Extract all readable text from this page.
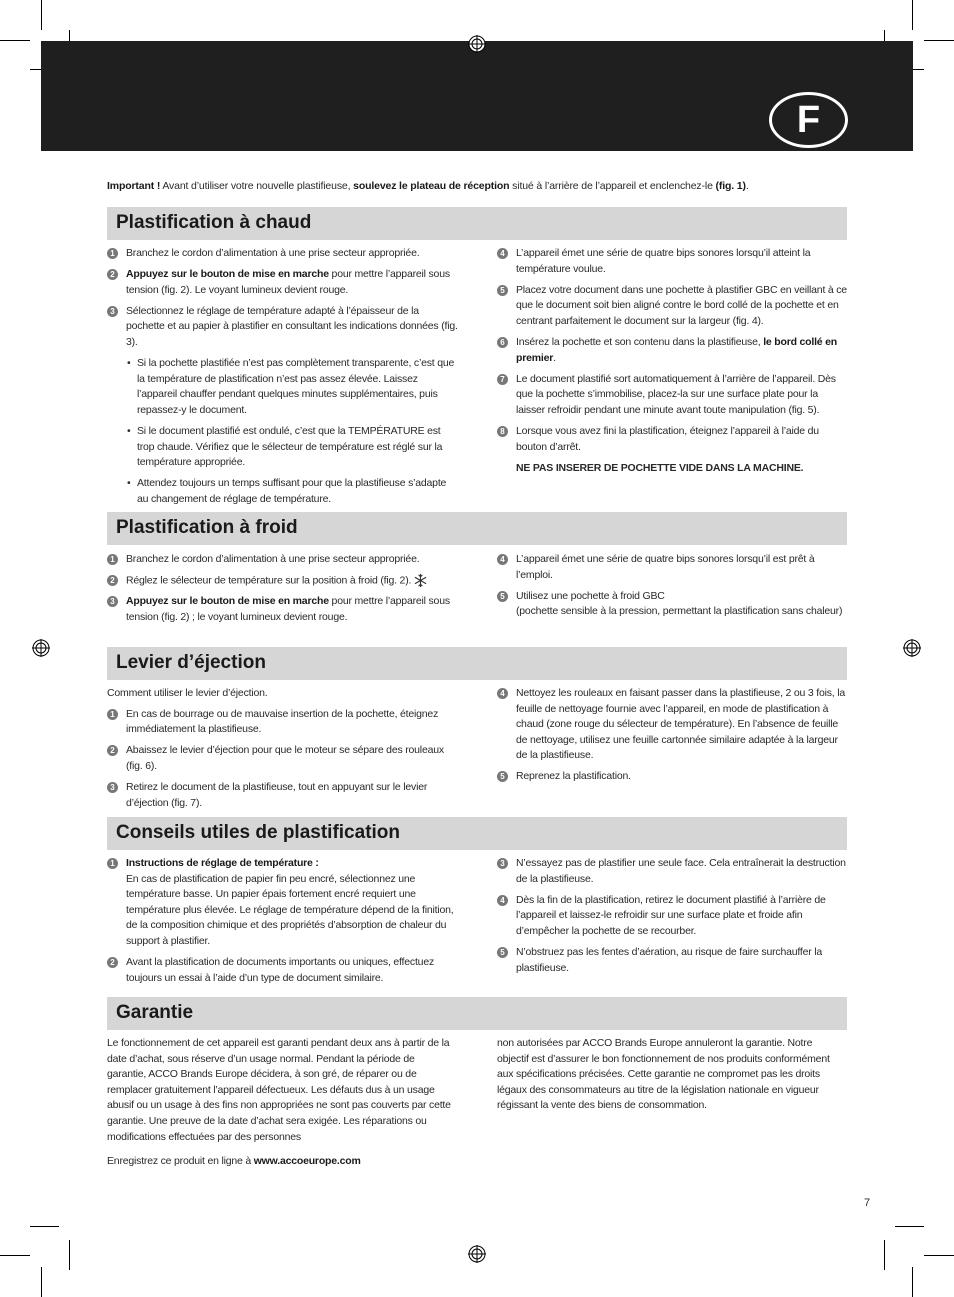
F
Important ! Avant d’utiliser votre nouvelle plastifieuse, soulevez le plateau de réception situé à l’arrière de l’appareil et enclenchez-le (fig. 1).
Plastification à chaud
1	Branchez le cordon d’alimentation à une prise secteur appropriée.
2	Appuyez sur le bouton de mise en marche pour mettre l’appareil sous tension (fig. 2). Le voyant lumineux devient rouge.
3	Sélectionnez le réglage de température adapté à l’épaisseur de la pochette et au papier à plastifier en consultant les indications données (fig. 3).
• Si la pochette plastifiée n’est pas complètement transparente, c’est que la température de plastification n’est pas assez élevée. Laissez l’appareil chauffer pendant quelques minutes supplémentaires, puis repassez-y le document.
• Si le document plastifié est ondulé, c’est que la TEMPÉRATURE est trop chaude. Vérifiez que le sélecteur de température est réglé sur la température appropriée.
• Attendez toujours un temps suffisant pour que la plastifieuse s’adapte au changement de réglage de température.
4	L’appareil émet une série de quatre bips sonores lorsqu’il atteint la température voulue.
5	Placez votre document dans une pochette à plastifier GBC en veillant à ce que le document soit bien aligné contre le bord collé de la pochette et en centrant parfaitement le document sur la largeur (fig. 4).
6	Insérez la pochette et son contenu dans la plastifieuse, le bord collé en premier.
7	Le document plastifié sort automatiquement à l’arrière de l’appareil. Dès que la pochette s’immobilise, placez-la sur une surface plate pour la laisser refroidir pendant une minute avant toute manipulation (fig. 5).
8	Lorsque vous avez fini la plastification, éteignez l’appareil à l’aide du bouton d’arrêt.
NE PAS INSERER DE POCHETTE VIDE DANS LA MACHINE.
Plastification à froid
1	Branchez le cordon d’alimentation à une prise secteur appropriée.
2	Réglez le sélecteur de température sur la position à froid (fig. 2).
3	Appuyez sur le bouton de mise en marche pour mettre l’appareil sous tension (fig. 2) ; le voyant lumineux devient rouge.
4	L’appareil émet une série de quatre bips sonores lorsqu’il est prêt à l’emploi.
5	Utilisez une pochette à froid GBC
(pochette sensible à la pression, permettant la plastification sans chaleur)
Levier d’éjection
Comment utiliser le levier d’éjection.
1	En cas de bourrage ou de mauvaise insertion de la pochette, éteignez immédiatement la plastifieuse.
2	Abaissez le levier d’éjection pour que le moteur se sépare des rouleaux (fig. 6).
3	Retirez le document de la plastifieuse, tout en appuyant sur le levier d’éjection (fig. 7).
4	Nettoyez les rouleaux en faisant passer dans la plastifieuse, 2 ou 3 fois, la feuille de nettoyage fournie avec l’appareil, en mode de plastification à chaud (zone rouge du sélecteur de température). En l’absence de feuille de nettoyage, utilisez une feuille cartonnée similaire adaptée à la largeur de la plastifieuse.
5	Reprenez la plastification.
Conseils utiles de plastification
1	Instructions de réglage de température :
En cas de plastification de papier fin peu encré, sélectionnez une température basse. Un papier épais fortement encré requiert une température plus élevée. Le réglage de température dépend de la finition, de la composition chimique et des propriétés d’absorption de chaleur du support à plastifier.
2	Avant la plastification de documents importants ou uniques, effectuez toujours un essai à l’aide d’un type de document similaire.
3	N’essayez pas de plastifier une seule face. Cela entraînerait la destruction de la plastifieuse.
4	Dès la fin de la plastification, retirez le document plastifié à l’arrière de l’appareil et laissez-le refroidir sur une surface plate et froide afin d’empêcher la pochette de se recourber.
5	N’obstruez pas les fentes d’aération, au risque de faire surchauffer la plastifieuse.
Garantie
Le fonctionnement de cet appareil est garanti pendant deux ans à partir de la date d’achat, sous réserve d’un usage normal. Pendant la période de garantie, ACCO Brands Europe décidera, à son gré, de réparer ou de remplacer gratuitement l’appareil défectueux. Les défauts dus à un usage abusif ou un usage à des fins non appropriées ne sont pas couverts par cette garantie. Une preuve de la date d’achat sera exigée. Les réparations ou modifications effectuées par des personnes
Enregistrez ce produit en ligne à www.accoeurope.com
non autorisées par ACCO Brands Europe annuleront la garantie. Notre objectif est d’assurer le bon fonctionnement de nos produits conformément aux spécifications précisées. Cette garantie ne compromet pas les droits légaux des consommateurs au titre de la législation nationale en vigueur régissant la vente des biens de consommation.
7
